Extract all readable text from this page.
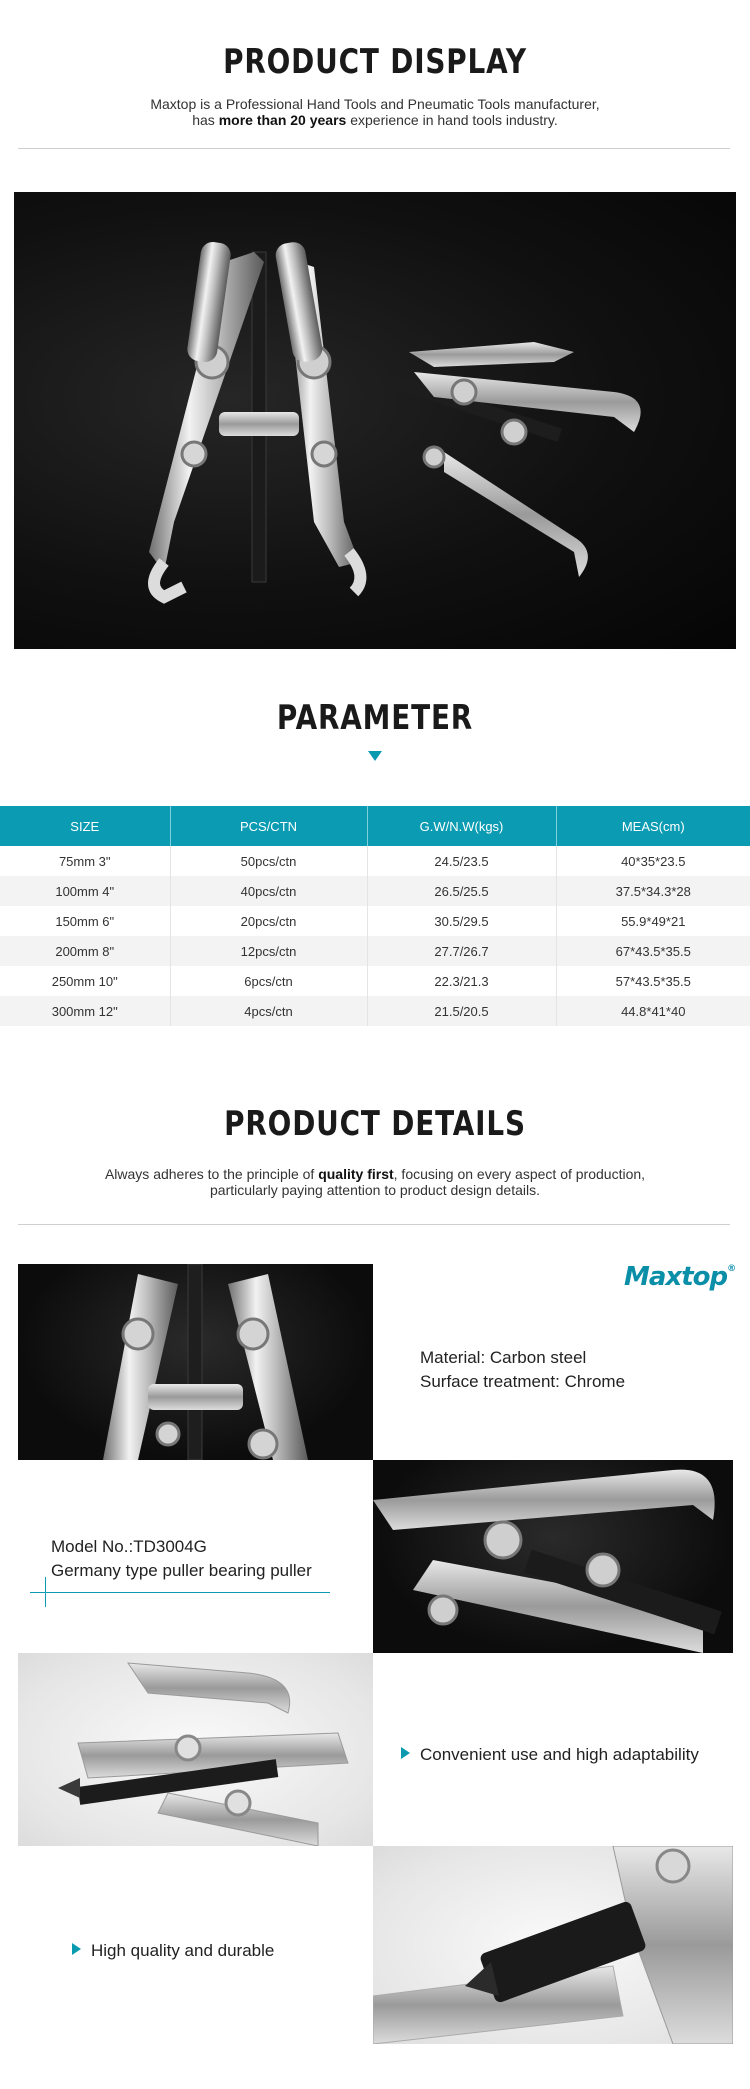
PRODUCT DISPLAY
Maxtop is a Professional Hand Tools and Pneumatic Tools manufacturer,
has more than 20 years experience in hand tools industry.
PARAMETER
SIZE	PCS/CTN	G.W/N.W(kgs)	MEAS(cm)
75mm 3"	50pcs/ctn	24.5/23.5	40*35*23.5
100mm 4"	40pcs/ctn	26.5/25.5	37.5*34.3*28
150mm 6"	20pcs/ctn	30.5/29.5	55.9*49*21
200mm 8"	12pcs/ctn	27.7/26.7	67*43.5*35.5
250mm 10"	6pcs/ctn	22.3/21.3	57*43.5*35.5
300mm 12"	4pcs/ctn	21.5/20.5	44.8*41*40
PRODUCT DETAILS
Always adheres to the principle of quality first, focusing on every aspect of production,
particularly paying attention to product design details.
Maxtop®
Material: Carbon steel
Surface treatment: Chrome
Model No.:TD3004G
Germany type puller bearing puller
Convenient use and high adaptability
High quality and durable
